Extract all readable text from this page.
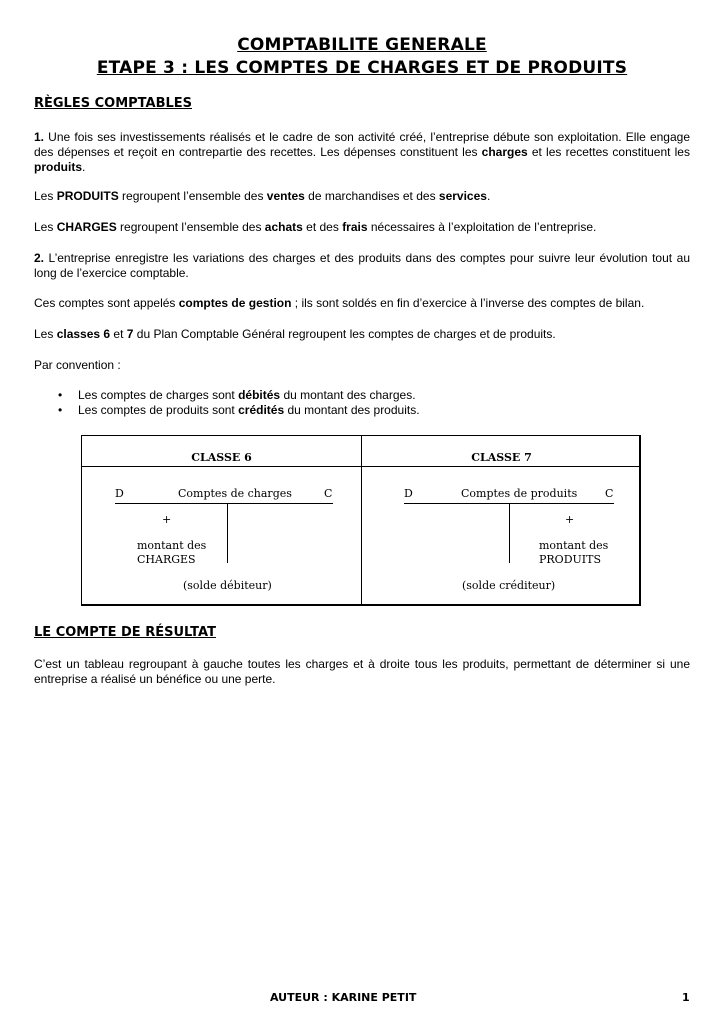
COMPTABILITE GENERALE
ETAPE 3 : LES COMPTES DE CHARGES ET DE PRODUITS
RÈGLES COMPTABLES
1. Une fois ses investissements réalisés et le cadre de son activité créé, l’entreprise débute son exploitation. Elle engage des dépenses et reçoit en contrepartie des recettes. Les dépenses constituent les charges et les recettes constituent les produits.
Les PRODUITS regroupent l’ensemble des ventes de marchandises et des services.
Les CHARGES regroupent l’ensemble des achats et des frais nécessaires à l’exploitation de l’entreprise.
2. L’entreprise enregistre les variations des charges et des produits dans des comptes pour suivre leur évolution tout au long de l’exercice comptable.
Ces comptes sont appelés comptes de gestion ; ils sont soldés en fin d’exercice à l’inverse des comptes de bilan.
Les classes 6 et 7 du Plan Comptable Général regroupent les comptes de charges et de produits.
Par convention :
• Les comptes de charges sont débités du montant des charges.
• Les comptes de produits sont crédités du montant des produits.
CLASSE 6
D	Comptes de charges	C
+
montant des
CHARGES
(solde débiteur)
CLASSE 7
D	Comptes de produits	C
+
montant des
PRODUITS
(solde créditeur)
LE COMPTE DE RÉSULTAT
C’est un tableau regroupant à gauche toutes les charges et à droite tous les produits, permettant de déterminer si une entreprise a réalisé un bénéfice ou une perte.
AUTEUR : KARINE PETIT	1
